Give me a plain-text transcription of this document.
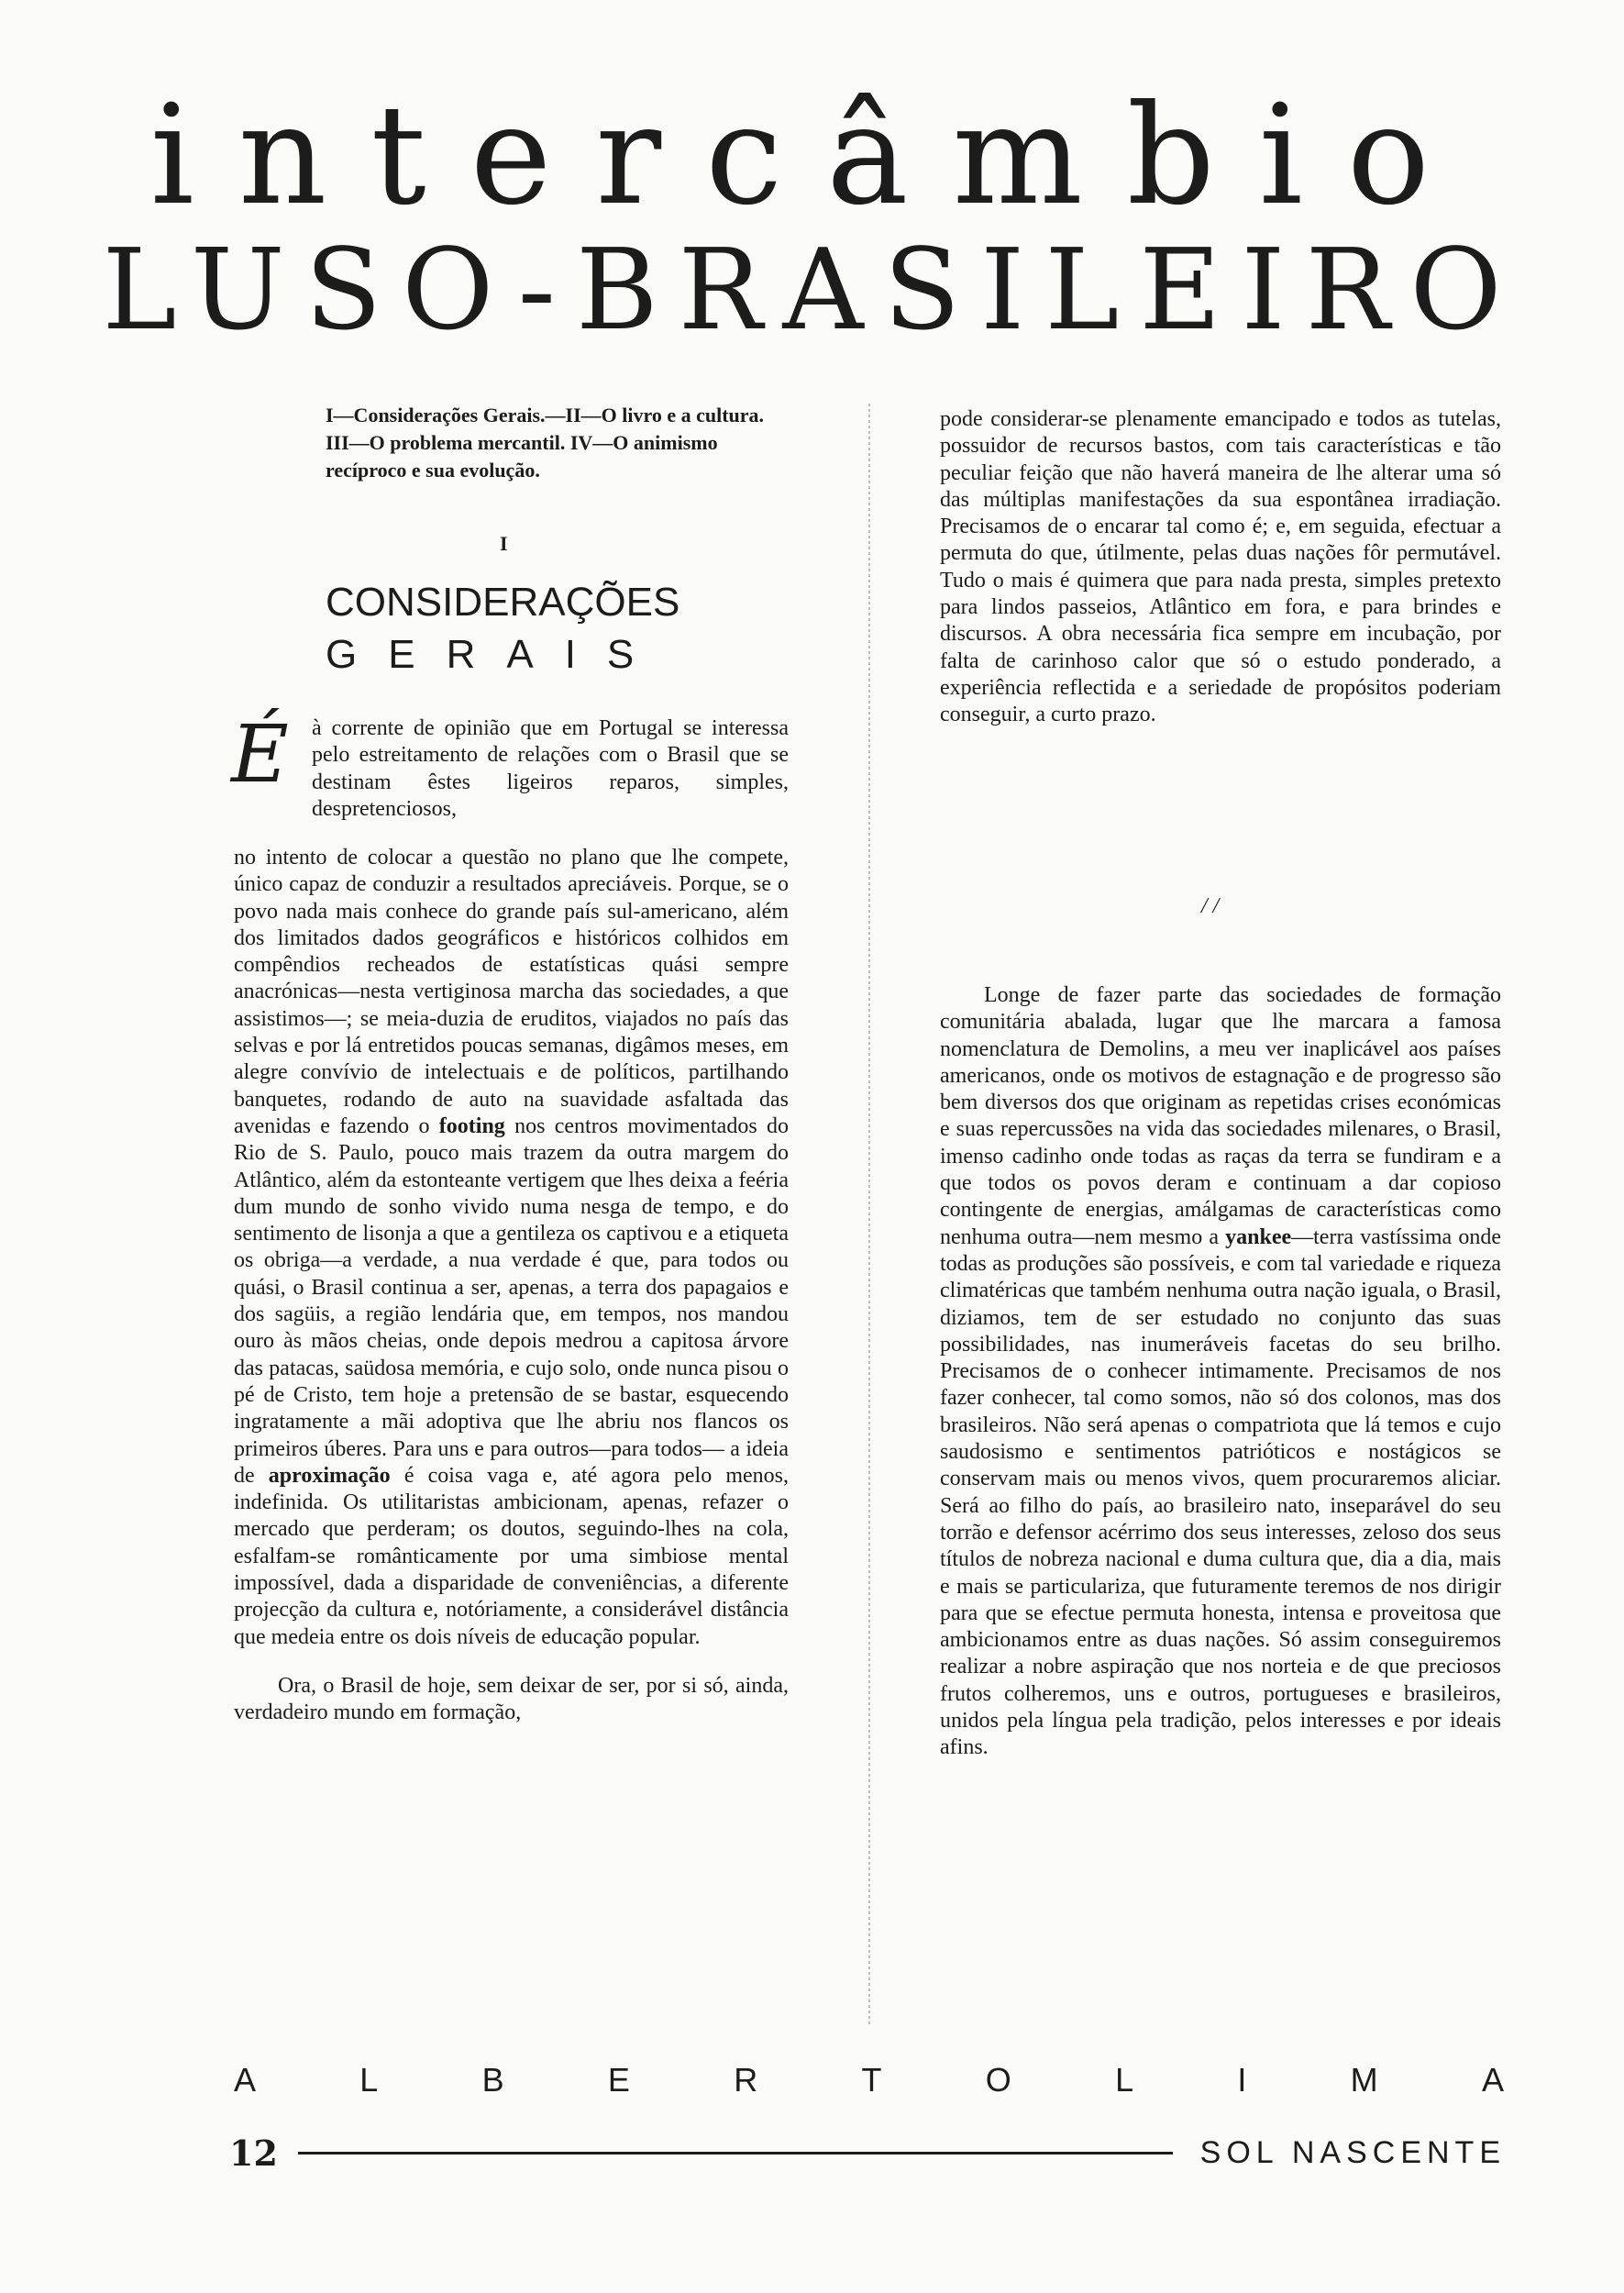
intercâmbio
LUSO-BRASILEIRO
I—Considerações Gerais.—II—O livro e a cultura. III—O problema mercantil. IV—O animismo recíproco e sua evolução.
I
CONSIDERAÇÕES
GERAIS
É à corrente de opinião que em Portugal se interessa pelo estreitamento de relações com o Brasil que se destinam êstes ligeiros reparos, simples, despretenciosos,

no intento de colocar a questão no plano que lhe compete, único capaz de conduzir a resultados apreciáveis. Porque, se o povo nada mais conhece do grande país sul-americano, além dos limitados dados geográficos e históricos colhidos em compêndios recheados de estatísticas quási sempre anacrónicas—nesta vertiginosa marcha das sociedades, a que assistimos—; se meia-duzia de eruditos, viajados no país das selvas e por lá entretidos poucas semanas, digâmos meses, em alegre convívio de intelectuais e de políticos, partilhando banquetes, rodando de auto na suavidade asfaltada das avenidas e fazendo o footing nos centros movimentados do Rio de S. Paulo, pouco mais trazem da outra margem do Atlântico, além da estonteante vertigem que lhes deixa a feéria dum mundo de sonho vivido numa nesga de tempo, e do sentimento de lisonja a que a gentileza os captivou e a etiqueta os obriga—a verdade, a nua verdade é que, para todos ou quási, o Brasil continua a ser, apenas, a terra dos papagaios e dos sagüis, a região lendária que, em tempos, nos mandou ouro às mãos cheias, onde depois medrou a capitosa árvore das patacas, saüdosa memória, e cujo solo, onde nunca pisou o pé de Cristo, tem hoje a pretensão de se bastar, esquecendo ingratamente a mãi adoptiva que lhe abriu nos flancos os primeiros úberes. Para uns e para outros—para todos— a ideia de aproximação é coisa vaga e, até agora pelo menos, indefinida. Os utilitaristas ambicionam, apenas, refazer o mercado que perderam; os doutos, seguindo-lhes na cola, esfalfam-se românticamente por uma simbiose mental impossível, dada a disparidade de conveniências, a diferente projecção da cultura e, notóriamente, a considerável distância que medeia entre os dois níveis de educação popular.

Ora, o Brasil de hoje, sem deixar de ser, por si só, ainda, verdadeiro mundo em formação,

pode considerar-se plenamente emancipado e todos as tutelas, possuidor de recursos bastos, com tais características e tão peculiar feição que não haverá maneira de lhe alterar uma só das múltiplas manifestações da sua espontânea irradiação. Precisamos de o encarar tal como é; e, em seguida, efectuar a permuta do que, útilmente, pelas duas nações fôr permutável. Tudo o mais é quimera que para nada presta, simples pretexto para lindos passeios, Atlântico em fora, e para brindes e discursos. A obra necessária fica sempre em incubação, por falta de carinhoso calor que só o estudo ponderado, a experiência reflectida e a seriedade de propósitos poderiam conseguir, a curto prazo.

/ /

Longe de fazer parte das sociedades de formação comunitária abalada, lugar que lhe marcara a famosa nomenclatura de Demolins, a meu ver inaplicável aos países americanos, onde os motivos de estagnação e de progresso são bem diversos dos que originam as repetidas crises económicas e suas repercussões na vida das sociedades milenares, o Brasil, imenso cadinho onde todas as raças da terra se fundiram e a que todos os povos deram e continuam a dar copioso contingente de energias, amálgamas de características como nenhuma outra—nem mesmo a yankee—terra vastíssima onde todas as produções são possíveis, e com tal variedade e riqueza climatéricas que também nenhuma outra nação iguala, o Brasil, diziamos, tem de ser estudado no conjunto das suas possibilidades, nas inumeráveis facetas do seu brilho. Precisamos de o conhecer intimamente. Precisamos de nos fazer conhecer, tal como somos, não só dos colonos, mas dos brasileiros. Não será apenas o compatriota que lá temos e cujo saudosismo e sentimentos patrióticos e nostágicos se conservam mais ou menos vivos, quem procuraremos aliciar. Será ao filho do país, ao brasileiro nato, inseparável do seu torrão e defensor acérrimo dos seus interesses, zeloso dos seus títulos de nobreza nacional e duma cultura que, dia a dia, mais e mais se particulariza, que futuramente teremos de nos dirigir para que se efectue permuta honesta, intensa e proveitosa que ambicionamos entre as duas nações. Só assim conseguiremos realizar a nobre aspiração que nos norteia e de que preciosos frutos colheremos, uns e outros, portugueses e brasileiros, unidos pela língua pela tradição, pelos interesses e por ideais afins.

A	L	B	E	R	T	O	L	I	M	A
12	SOL NASCENTE
